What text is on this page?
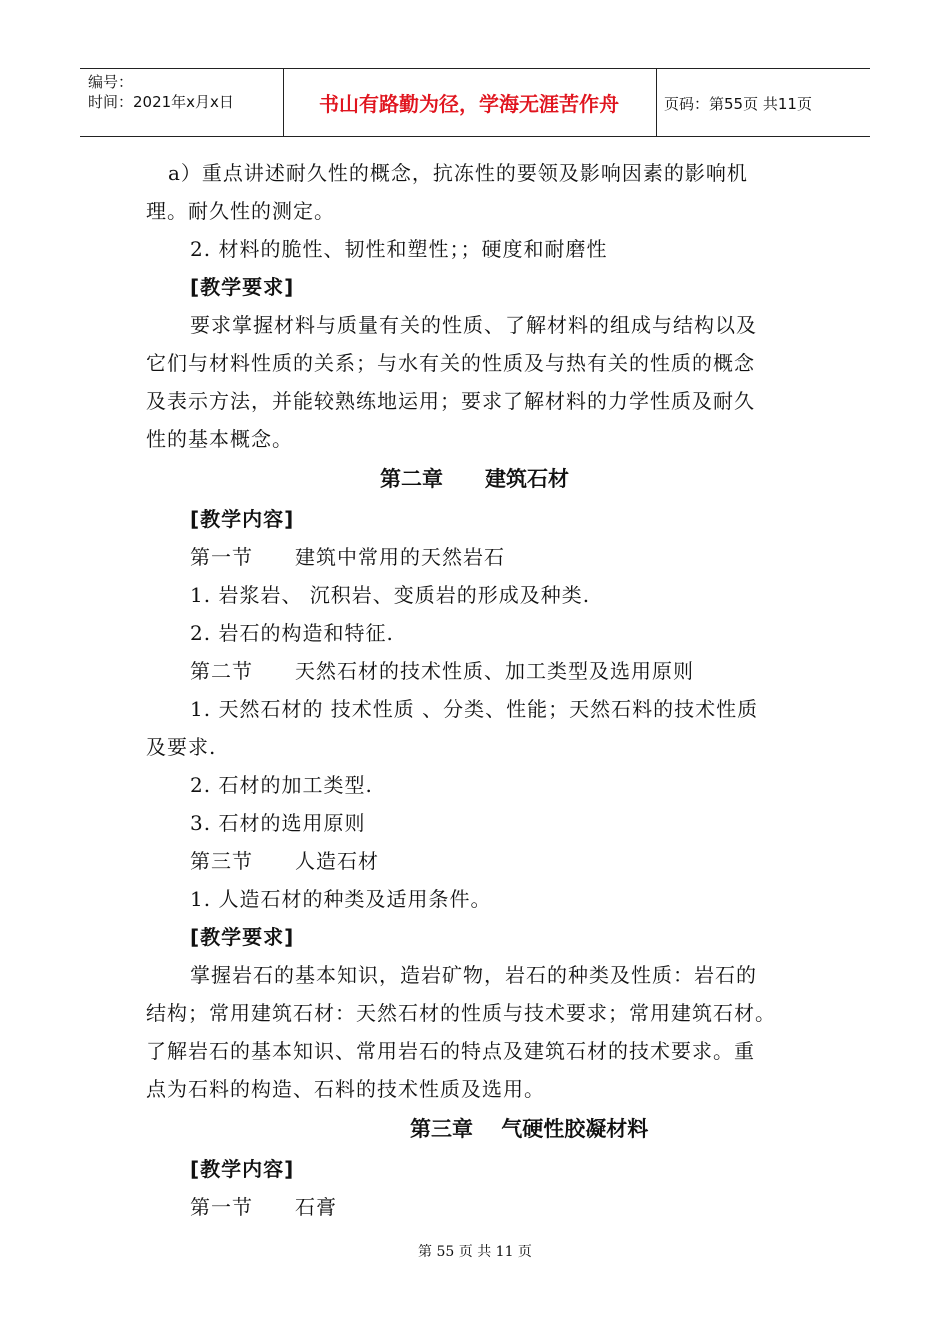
编号：
时间：2021年x月x日	书山有路勤为径，学海无涯苦作舟	页码：第55页 共11页
a）重点讲述耐久性的概念，抗冻性的要领及影响因素的影响机
理。耐久性的测定。
2. 材料的脆性、韧性和塑性；；硬度和耐磨性
[教学要求]
要求掌握材料与质量有关的性质、了解材料的组成与结构以及
它们与材料性质的关系；与水有关的性质及与热有关的性质的概念
及表示方法，并能较熟练地运用；要求了解材料的力学性质及耐久
性的基本概念。
第二章　　建筑石材
[教学内容]
第一节　　建筑中常用的天然岩石
1. 岩浆岩、 沉积岩、变质岩的形成及种类.
2. 岩石的构造和特征.
第二节　　天然石材的技术性质、加工类型及选用原则
1. 天然石材的 技术性质 、分类、性能；天然石料的技术性质
及要求.
2. 石材的加工类型.
3. 石材的选用原则
第三节　　人造石材
1. 人造石材的种类及适用条件。
[教学要求]
掌握岩石的基本知识，造岩矿物，岩石的种类及性质：岩石的
结构；常用建筑石材：天然石材的性质与技术要求；常用建筑石材。
了解岩石的基本知识、常用岩石的特点及建筑石材的技术要求。重
点为石料的构造、石料的技术性质及选用。
第三章　 气硬性胶凝材料
[教学内容]
第一节　　石膏
第 55 页 共 11 页
